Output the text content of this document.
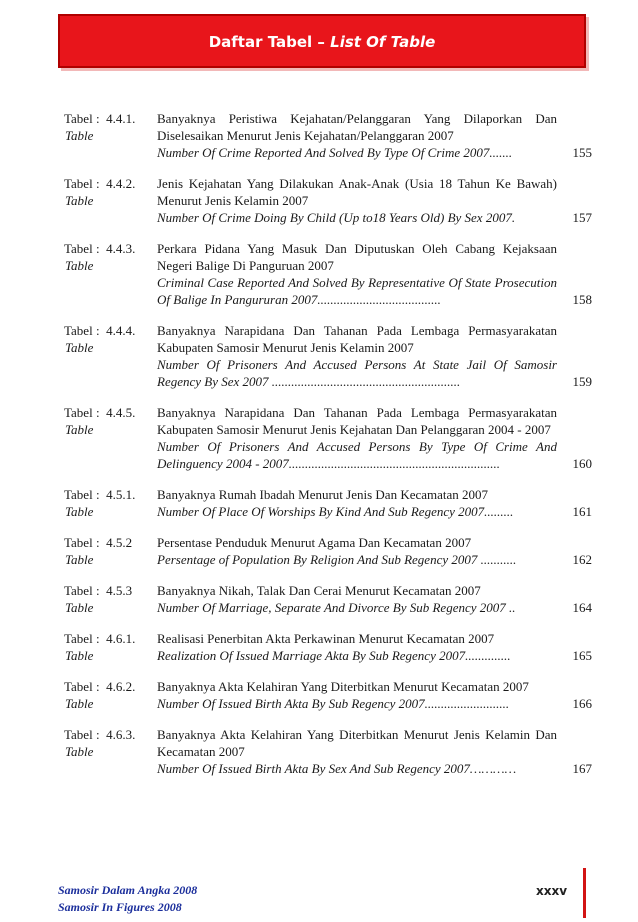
Daftar Tabel – List Of Table
Tabel :  4.4.1.
Table
Banyaknya Peristiwa Kejahatan/Pelanggaran Yang Dilaporkan Dan Diselesaikan Menurut Jenis Kejahatan/Pelanggaran 2007
Number Of Crime Reported And Solved By Type Of Crime 2007.......	155
Tabel :  4.4.2.
Table
Jenis Kejahatan Yang Dilakukan Anak-Anak (Usia 18 Tahun Ke Bawah) Menurut Jenis Kelamin 2007
Number Of Crime Doing By Child (Up to18 Years Old) By Sex 2007.	157
Tabel :  4.4.3.
Table
Perkara Pidana Yang Masuk Dan Diputuskan Oleh Cabang Kejaksaan Negeri Balige Di Panguruan 2007
Criminal Case Reported And Solved By Representative Of State Prosecution Of Balige In Pangururan 2007......................................	158
Tabel :  4.4.4.
Table
Banyaknya Narapidana Dan Tahanan Pada Lembaga Permasyarakatan Kabupaten Samosir Menurut Jenis Kelamin 2007
Number Of Prisoners And Accused Persons At State Jail Of Samosir Regency By Sex 2007 ..........................................................	159
Tabel :  4.4.5.
Table
Banyaknya Narapidana Dan Tahanan Pada Lembaga Permasyarakatan Kabupaten Samosir Menurut Jenis Kejahatan Dan Pelanggaran 2004 - 2007
Number Of Prisoners And Accused Persons By Type Of Crime And Delinguency 2004 - 2007.................................................................	160
Tabel :  4.5.1.
Table
Banyaknya Rumah Ibadah Menurut Jenis Dan Kecamatan 2007
Number Of Place Of Worships By Kind And Sub Regency 2007.........	161
Tabel :  4.5.2
Table
Persentase Penduduk Menurut Agama Dan Kecamatan 2007
Persentage of Population By Religion And Sub Regency 2007 ...........	162
Tabel :  4.5.3
Table
Banyaknya Nikah, Talak Dan Cerai Menurut Kecamatan 2007
Number Of Marriage, Separate And Divorce By Sub Regency 2007 ..	164
Tabel :  4.6.1.
Table
Realisasi Penerbitan Akta Perkawinan Menurut Kecamatan 2007
Realization Of Issued Marriage Akta By Sub Regency 2007..............	165
Tabel :  4.6.2.
Table
Banyaknya Akta Kelahiran Yang Diterbitkan Menurut Kecamatan 2007
Number Of Issued Birth Akta By Sub Regency 2007..........................	166
Tabel :  4.6.3.
Table
Banyaknya Akta Kelahiran Yang Diterbitkan Menurut Jenis Kelamin Dan Kecamatan 2007
Number Of Issued Birth Akta By Sex And Sub Regency 2007…………	167
Samosir Dalam Angka 2008
Samosir In Figures 2008
xxxv
